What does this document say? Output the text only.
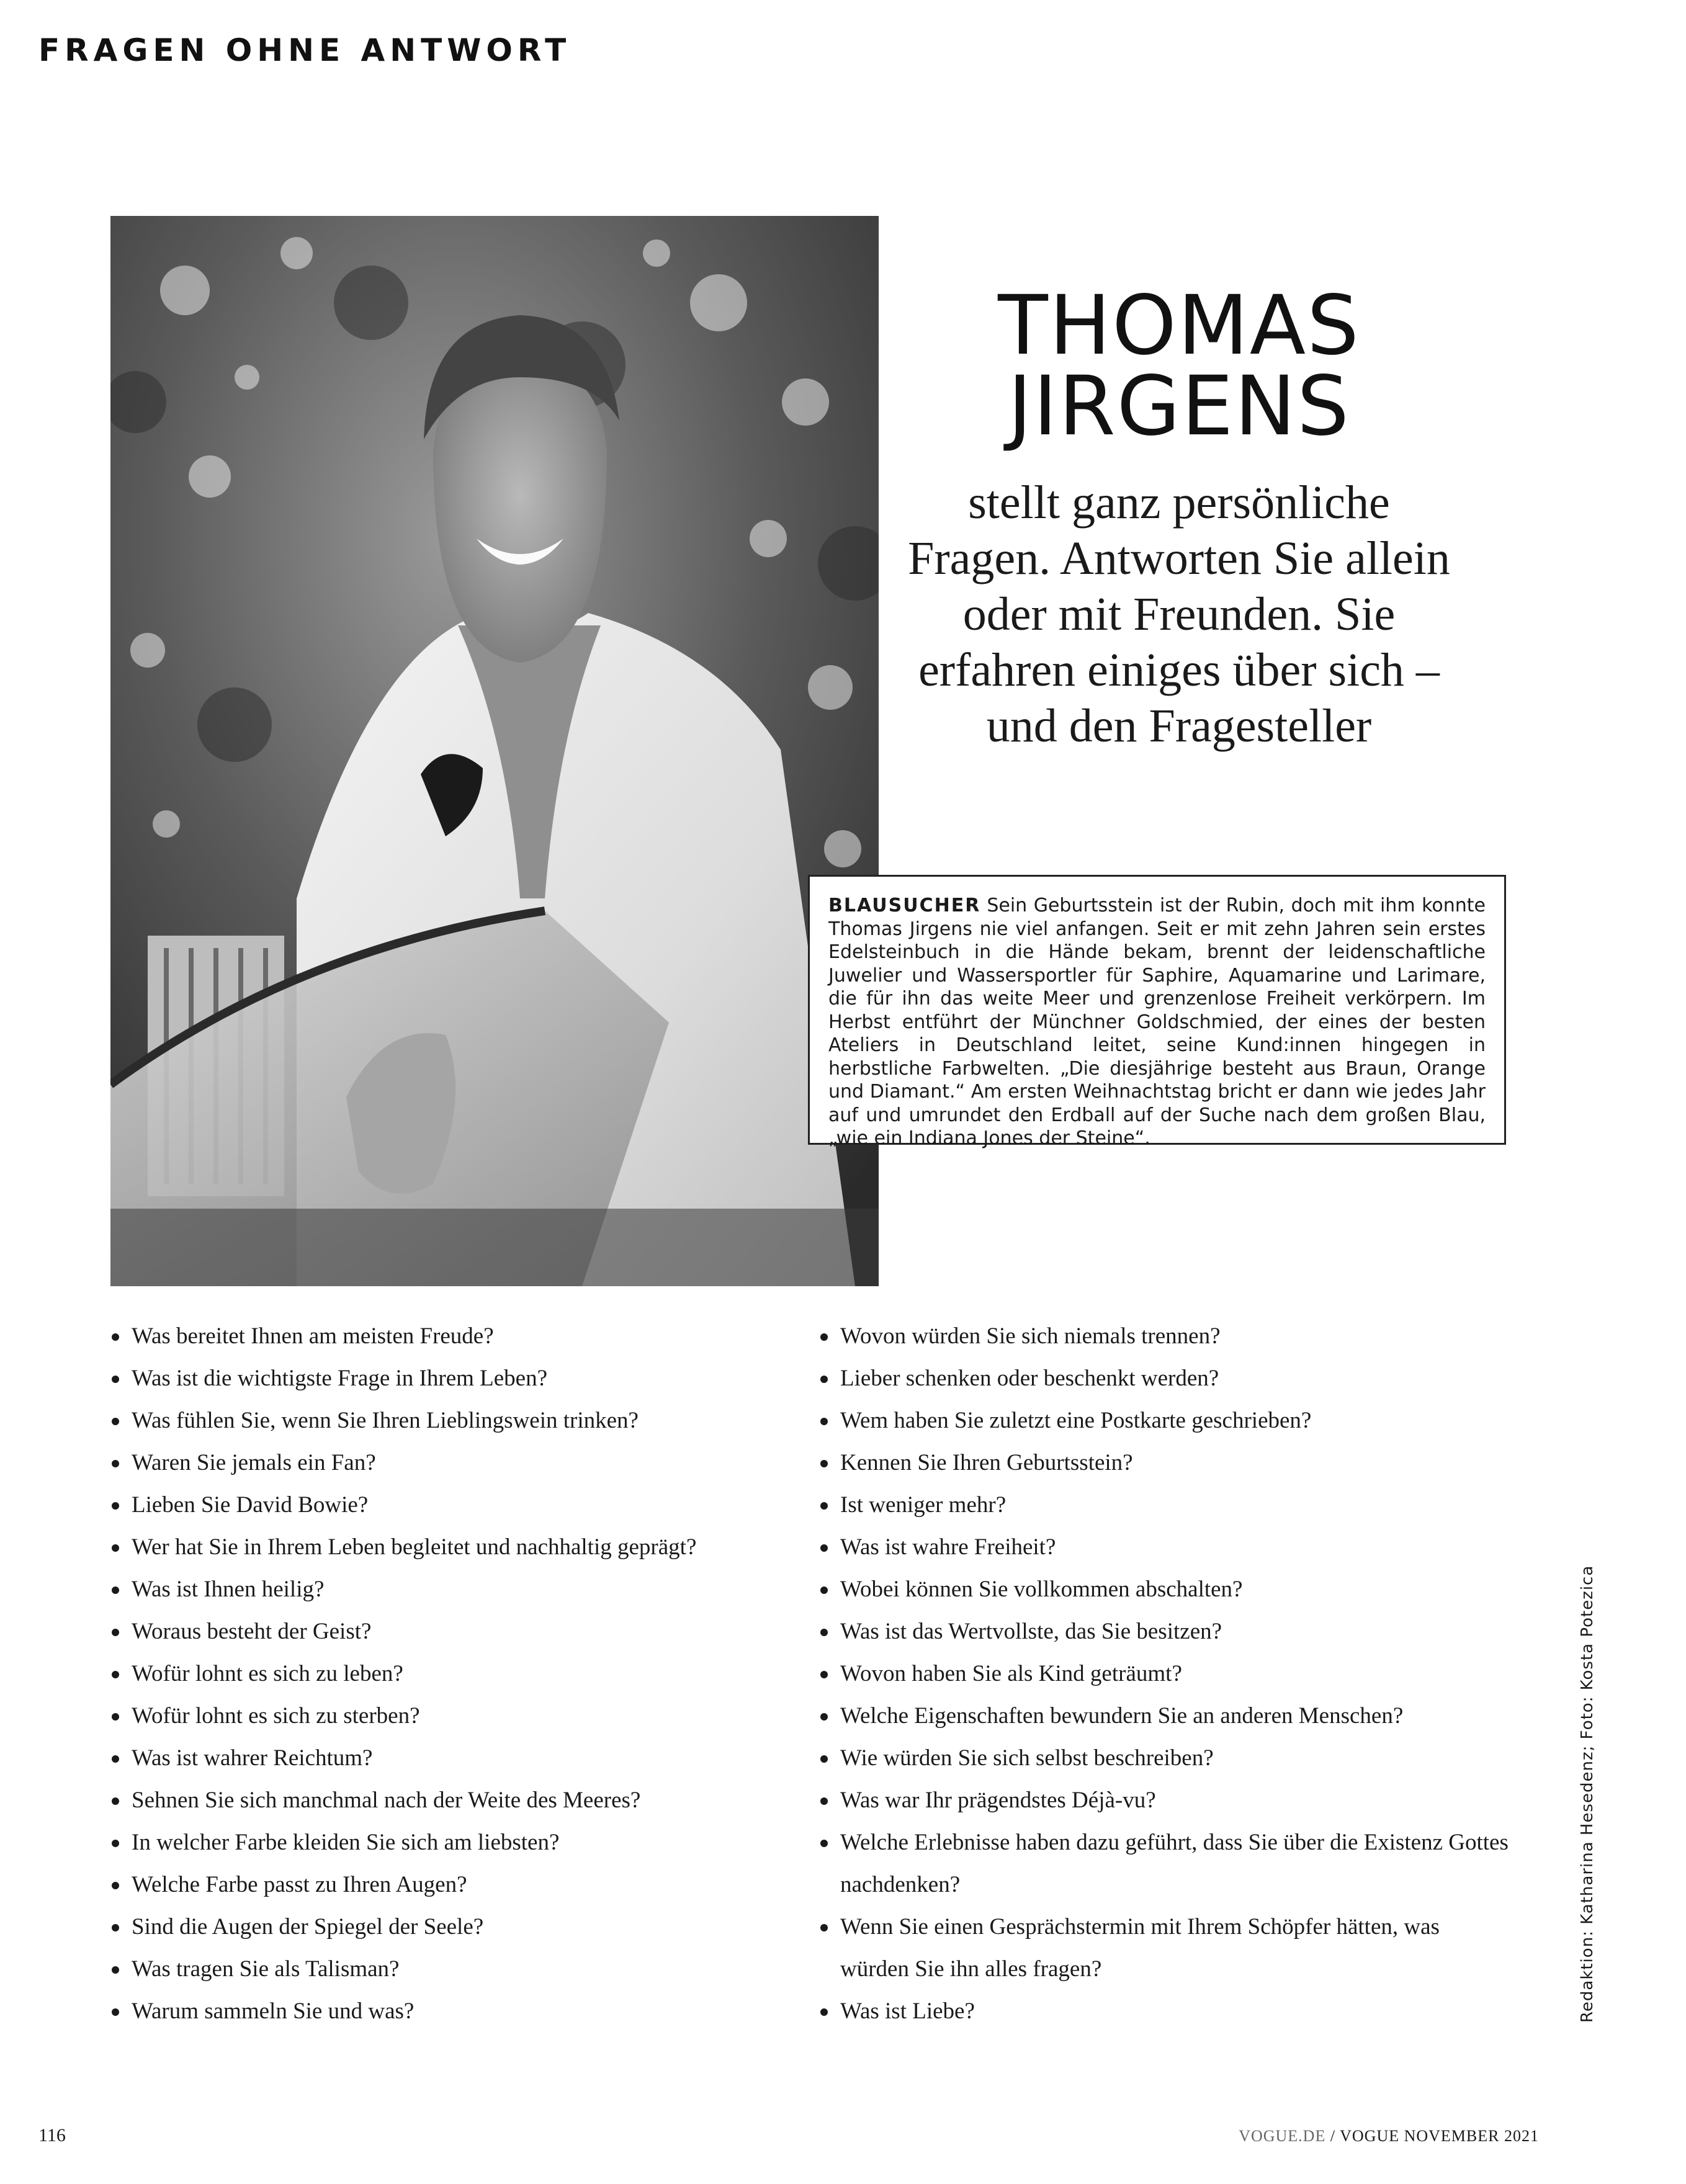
FRAGEN OHNE ANTWORT
THOMAS
JIRGENS
stellt ganz persönliche Fragen. Antworten Sie allein oder mit Freunden. Sie erfahren einiges über sich – und den Fragesteller
BLAUSUCHER Sein Geburtsstein ist der Rubin, doch mit ihm konnte Thomas Jirgens nie viel anfangen. Seit er mit zehn Jahren sein erstes Edelsteinbuch in die Hände bekam, brennt der leidenschaftliche Juwelier und Wassersportler für Saphire, Aquamarine und Larimare, die für ihn das weite Meer und grenzenlose Freiheit verkörpern. Im Herbst entführt der Münchner Goldschmied, der eines der besten Ateliers in Deutschland leitet, seine Kund:innen hingegen in herbstliche Farbwelten. „Die diesjährige besteht aus Braun, Orange und Diamant.“ Am ersten Weihnachtstag bricht er dann wie jedes Jahr auf und umrundet den Erdball auf der Suche nach dem großen Blau, „wie ein Indiana Jones der Steine“.
Was bereitet Ihnen am meisten Freude?
Was ist die wichtigste Frage in Ihrem Leben?
Was fühlen Sie, wenn Sie Ihren Lieblingswein trinken?
Waren Sie jemals ein Fan?
Lieben Sie David Bowie?
Wer hat Sie in Ihrem Leben begleitet und nachhaltig geprägt?
Was ist Ihnen heilig?
Woraus besteht der Geist?
Wofür lohnt es sich zu leben?
Wofür lohnt es sich zu sterben?
Was ist wahrer Reichtum?
Sehnen Sie sich manchmal nach der Weite des Meeres?
In welcher Farbe kleiden Sie sich am liebsten?
Welche Farbe passt zu Ihren Augen?
Sind die Augen der Spiegel der Seele?
Was tragen Sie als Talisman?
Warum sammeln Sie und was?
Wovon würden Sie sich niemals trennen?
Lieber schenken oder beschenkt werden?
Wem haben Sie zuletzt eine Postkarte geschrieben?
Kennen Sie Ihren Geburtsstein?
Ist weniger mehr?
Was ist wahre Freiheit?
Wobei können Sie vollkommen abschalten?
Was ist das Wertvollste, das Sie besitzen?
Wovon haben Sie als Kind geträumt?
Welche Eigenschaften bewundern Sie an anderen Menschen?
Wie würden Sie sich selbst beschreiben?
Was war Ihr prägendstes Déjà-vu?
Welche Erlebnisse haben dazu geführt, dass Sie über die Existenz Gottes nachdenken?
Wenn Sie einen Gesprächstermin mit Ihrem Schöpfer hätten, was würden Sie ihn alles fragen?
Was ist Liebe?	Redaktion: Katharina Hesedenz; Foto: Kosta Potezica
116	VOGUE.DE / VOGUE NOVEMBER 2021
